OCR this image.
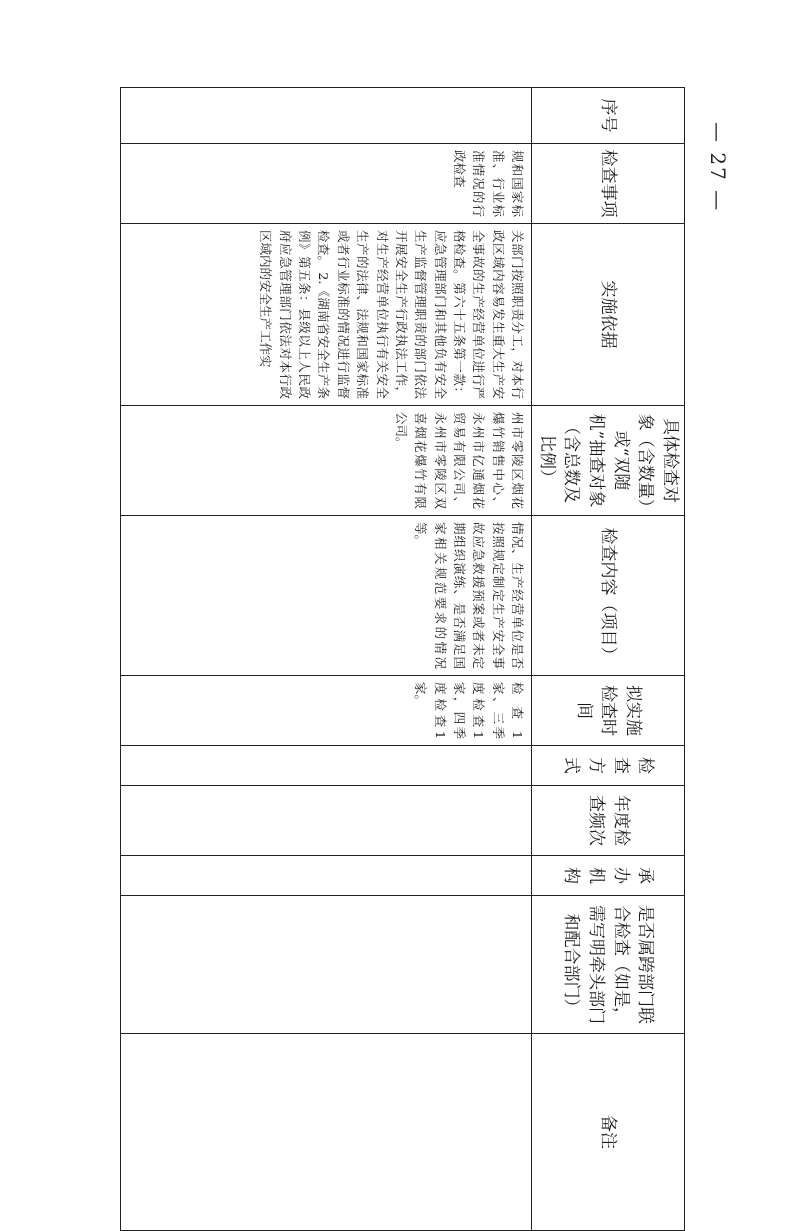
— 27 —
序号	检查事项	实施依据	具体检查对象（含数量）或“双随机”抽查对象（含总数及比例）	检查内容（项目）	拟实施检查时间	检查方式	年度检查频次	承办机构	是否属跨部门联合检查（如是，需写明牵头部门和配合部门）	备注
	规和国家标准、行业标准情况的行政检查	关部门按照职责分工，对本行政区域内容易发生重大生产安全事故的生产经营单位进行严格检查。第六十五条第一款：应急管理部门和其他负有安全生产监督管理职责的部门依法开展安全生产行政执法工作，对生产经营单位执行有关安全生产的法律、法规和国家标准或者行业标准的情况进行监督检查。 2.《湖南省安全生产条例》第五条：县级以上人民政府应急管理部门依法对本行政区域内的安全生产工作实	州市零陵区烟花爆竹销售中心、永州市亿通烟花贸易有限公司、永州市零陵区双喜烟花爆竹有限公司。	情况、生产经营单位是否按照规定制定生产安全事故应急救援预案或者未定期组织演练、是否满足国家相关规范要求的情况等。	检查1家、三季度检查1家，四季度检查1家。					
